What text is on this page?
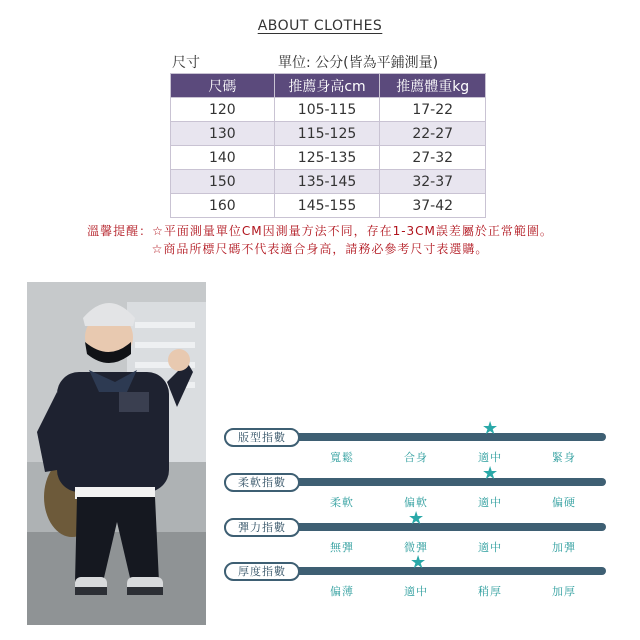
ABOUT CLOTHES
尺寸	單位: 公分(皆為平鋪測量)
尺碼	推薦身高cm	推薦體重kg
120	105-115	17-22
130	115-125	22-27
140	125-135	27-32
150	135-145	32-37
160	145-155	37-42
溫馨提醒：☆平面測量單位CM因測量方法不同，存在1-3CM誤差屬於正常範圍。
☆商品所標尺碼不代表適合身高，請務必參考尺寸表選購。
版型指數	★
寬鬆	合身	適中	緊身
柔軟指數	★
柔軟	偏軟	適中	偏硬
彈力指數	★
無彈	微彈	適中	加彈
厚度指數	★
偏薄	適中	稍厚	加厚
